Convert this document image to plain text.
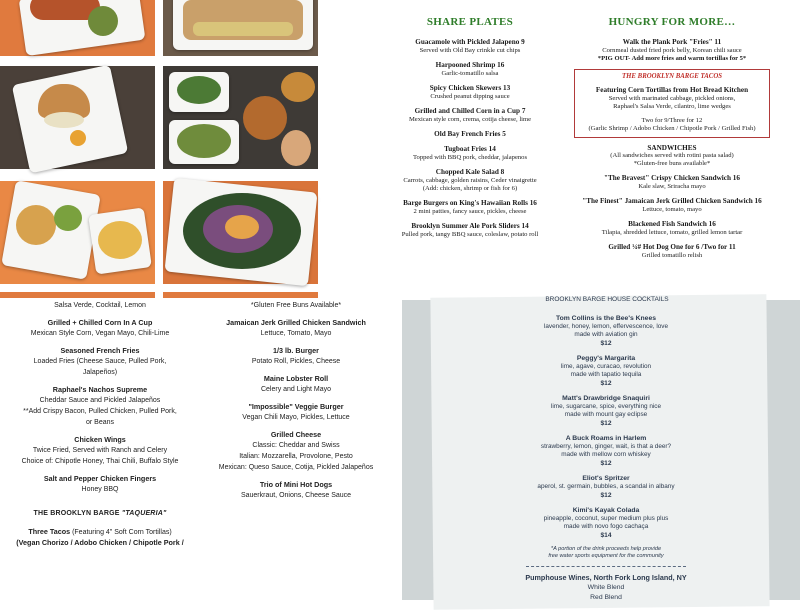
SHARE PLATES
Guacamole with Pickled Jalapeno 9
Served with Old Bay crinkle cut chips
Harpooned Shrimp 16
Garlic-tomatillo salsa
Spicy Chicken Skewers 13
Crushed peanut dipping sauce
Grilled and Chilled Corn in a Cup 7
Mexican style corn, crema, cotija cheese, lime
Old Bay French Fries 5
Tugboat Fries 14
Topped with BBQ pork, cheddar, jalapenos
Chopped Kale Salad 8
Carrots, cabbage, golden raisins, Ceder vinaigrette
(Add: chicken, shrimp or fish for 6)
Barge Burgers on King's Hawaiian Rolls 16
2 mini patties, fancy sauce, pickles, cheese
Brooklyn Summer Ale Pork Sliders 14
Pulled pork, tangy BBQ sauce, coleslaw, potato roll
HUNGRY FOR MORE…
Walk the Plank Pork "Fries" 11
Cornmeal dusted fried pork belly, Korean chili sauce
*PIG OUT- Add more fries and warm tortillas for 5*
THE BROOKLYN BARGE TACOS
Featuring Corn Tortillas from Hot Bread Kitchen
Served with marinated cabbage, pickled onions,
Raphael's Salsa Verde, cilantro, lime wedges
Two for 9/Three for 12
(Garlic Shrimp / Adobo Chicken / Chipotle Pork / Grilled Fish)
SANDWICHES
(All sandwiches served with rotini pasta salad)
*Gluten-free buns available*
"The Bravest" Crispy Chicken Sandwich 16
Kale slaw, Sriracha mayo
"The Finest" Jamaican Jerk Grilled Chicken Sandwich 16
Lettuce, tomato, mayo
Blackened Fish Sandwich 16
Tilapia, shredded lettuce, tomato, grilled lemon tartar
Grilled ¼# Hot Dog One for 6 /Two for 11
Grilled tomatillo relish
Salsa Verde, Cocktail, Lemon
Grilled + Chilled Corn In A Cup
Mexican Style Corn, Vegan Mayo, Chili-Lime
Seasoned French Fries
Loaded Fries (Cheese Sauce, Pulled Pork,
Jalapeños)
Raphael's Nachos Supreme
Cheddar Sauce and Pickled Jalapeños
**Add Crispy Bacon, Pulled Chicken, Pulled Pork,
or Beans
Chicken Wings
Twice Fried, Served with Ranch and Celery
Choice of: Chipotle Honey, Thai Chili, Buffalo Style
Salt and Pepper Chicken Fingers
Honey BBQ
THE BROOKLYN BARGE "TAQUERIA"
Three Tacos (Featuring 4" Soft Corn Tortillas)
(Vegan Chorizo / Adobo Chicken / Chipotle Pork /
*Gluten Free Buns Available*
Jamaican Jerk Grilled Chicken Sandwich
Lettuce, Tomato, Mayo
1/3 lb. Burger
Potato Roll, Pickles, Cheese
Maine Lobster Roll
Celery and Light Mayo
"Impossible" Veggie Burger
Vegan Chili Mayo, Pickles, Lettuce
Grilled Cheese
Classic: Cheddar and Swiss
Italian: Mozzarella, Provolone, Pesto
Mexican: Queso Sauce, Cotija, Pickled Jalapeños
Trio of Mini Hot Dogs
Sauerkraut, Onions, Cheese Sauce
BROOKLYN BARGE HOUSE COCKTAILS
Tom Collins is the Bee's Knees
lavender, honey, lemon, effervescence, love
made with aviation gin
$12
Peggy's Margarita
lime, agave, curacao, revolution
made with tapatio tequila
$12
Matt's Drawbridge Snaquiri
lime, sugarcane, spice, everything nice
made with mount gay eclipse
$12
A Buck Roams in Harlem
strawberry, lemon, ginger, wait, is that a deer?
made with mellow corn whiskey
$12
Eliot's Spritzer
aperol, st. germain, bubbles, a scandal in albany
$12
Kimi's Kayak Colada
pineapple, coconut, super medium plus plus
made with novo fogo cachaça
$14
*A portion of the drink proceeds help provide
free water sports equipment for the community
Pumphouse Wines, North Fork Long Island, NY
White Blend
Red Blend
